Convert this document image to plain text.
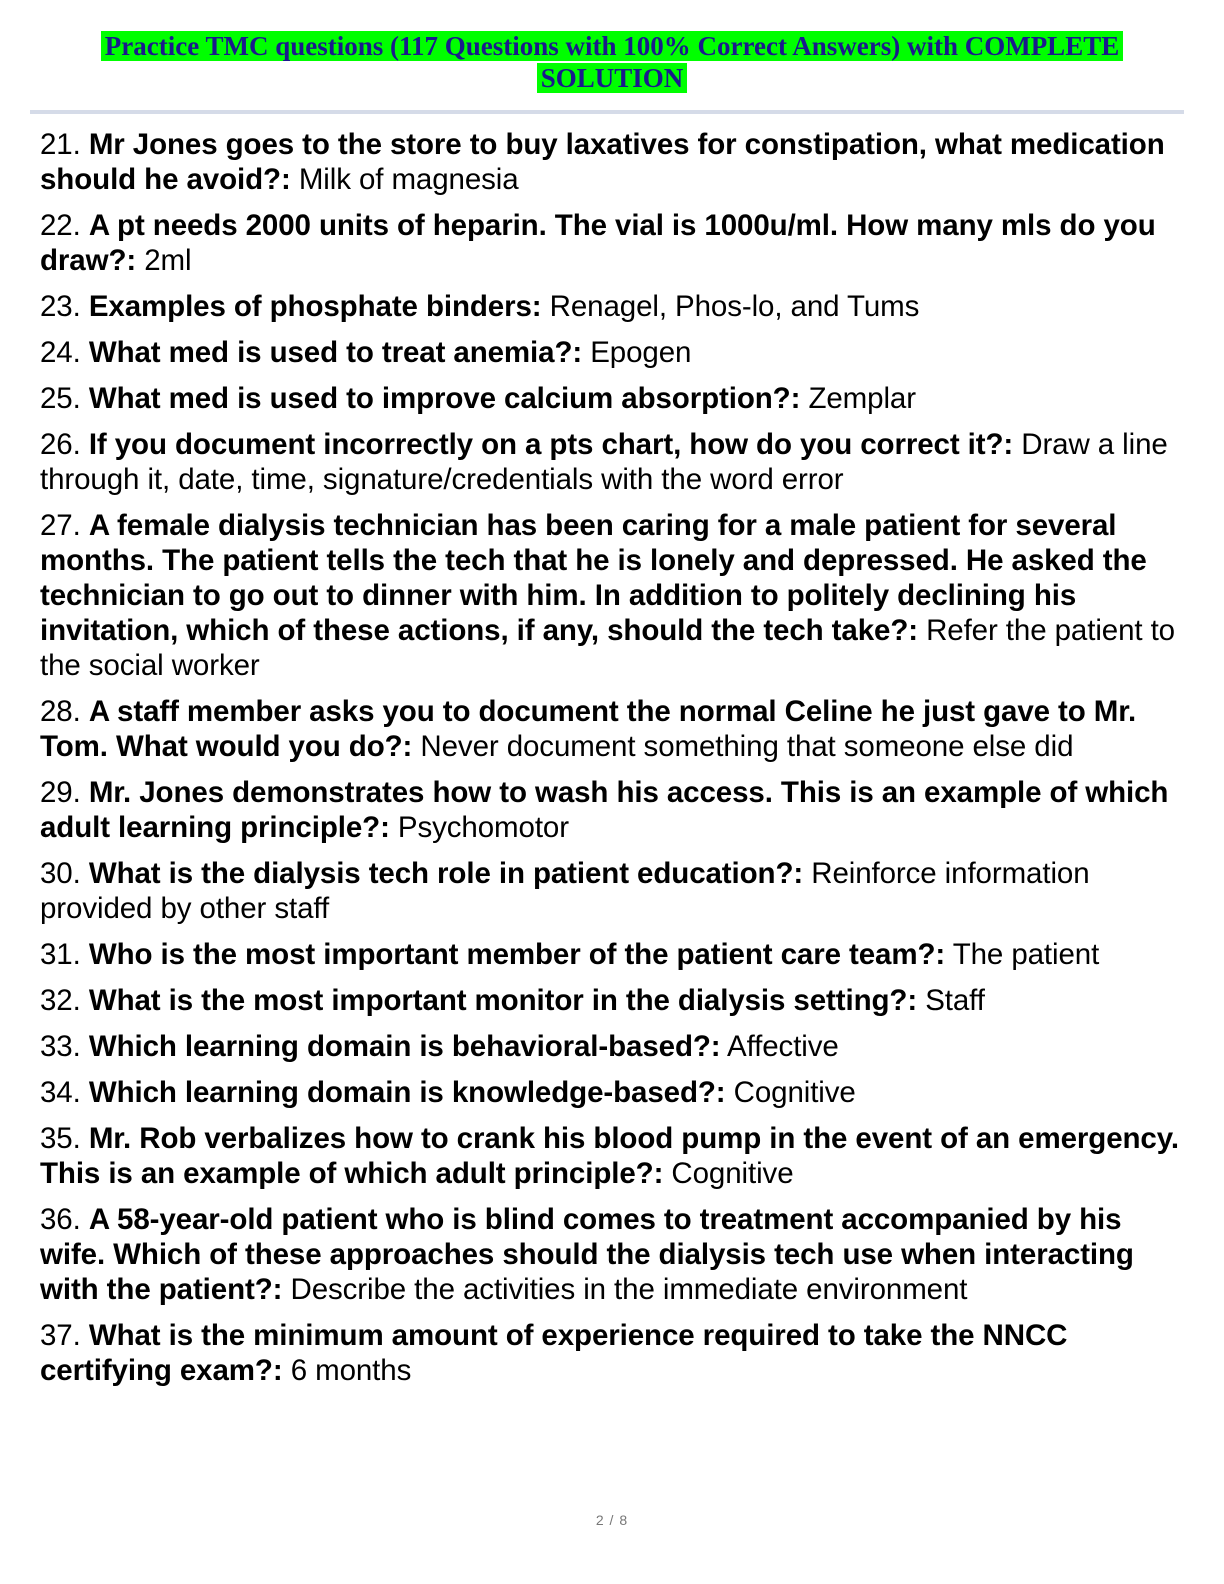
Practice TMC questions (117 Questions with 100% Correct Answers) with COMPLETE SOLUTION
21. Mr Jones goes to the store to buy laxatives for constipation, what medication should he avoid?: Milk of magnesia
22. A pt needs 2000 units of heparin. The vial is 1000u/ml. How many mls do you draw?: 2ml
23. Examples of phosphate binders: Renagel, Phos-lo, and Tums
24. What med is used to treat anemia?: Epogen
25. What med is used to improve calcium absorption?: Zemplar
26. If you document incorrectly on a pts chart, how do you correct it?: Draw a line through it, date, time, signature/credentials with the word error
27. A female dialysis technician has been caring for a male patient for several months. The patient tells the tech that he is lonely and depressed. He asked the technician to go out to dinner with him. In addition to politely declining his invitation, which of these actions, if any, should the tech take?: Refer the patient to the social worker
28. A staff member asks you to document the normal Celine he just gave to Mr. Tom. What would you do?: Never document something that someone else did
29. Mr. Jones demonstrates how to wash his access. This is an example of which adult learning principle?: Psychomotor
30. What is the dialysis tech role in patient education?: Reinforce information provided by other staff
31. Who is the most important member of the patient care team?: The patient
32. What is the most important monitor in the dialysis setting?: Staff
33. Which learning domain is behavioral-based?: Affective
34. Which learning domain is knowledge-based?: Cognitive
35. Mr. Rob verbalizes how to crank his blood pump in the event of an emergency. This is an example of which adult principle?: Cognitive
36. A 58-year-old patient who is blind comes to treatment accompanied by his wife. Which of these approaches should the dialysis tech use when interacting with the patient?: Describe the activities in the immediate environment
37. What is the minimum amount of experience required to take the NNCC certifying exam?: 6 months
2 / 8
